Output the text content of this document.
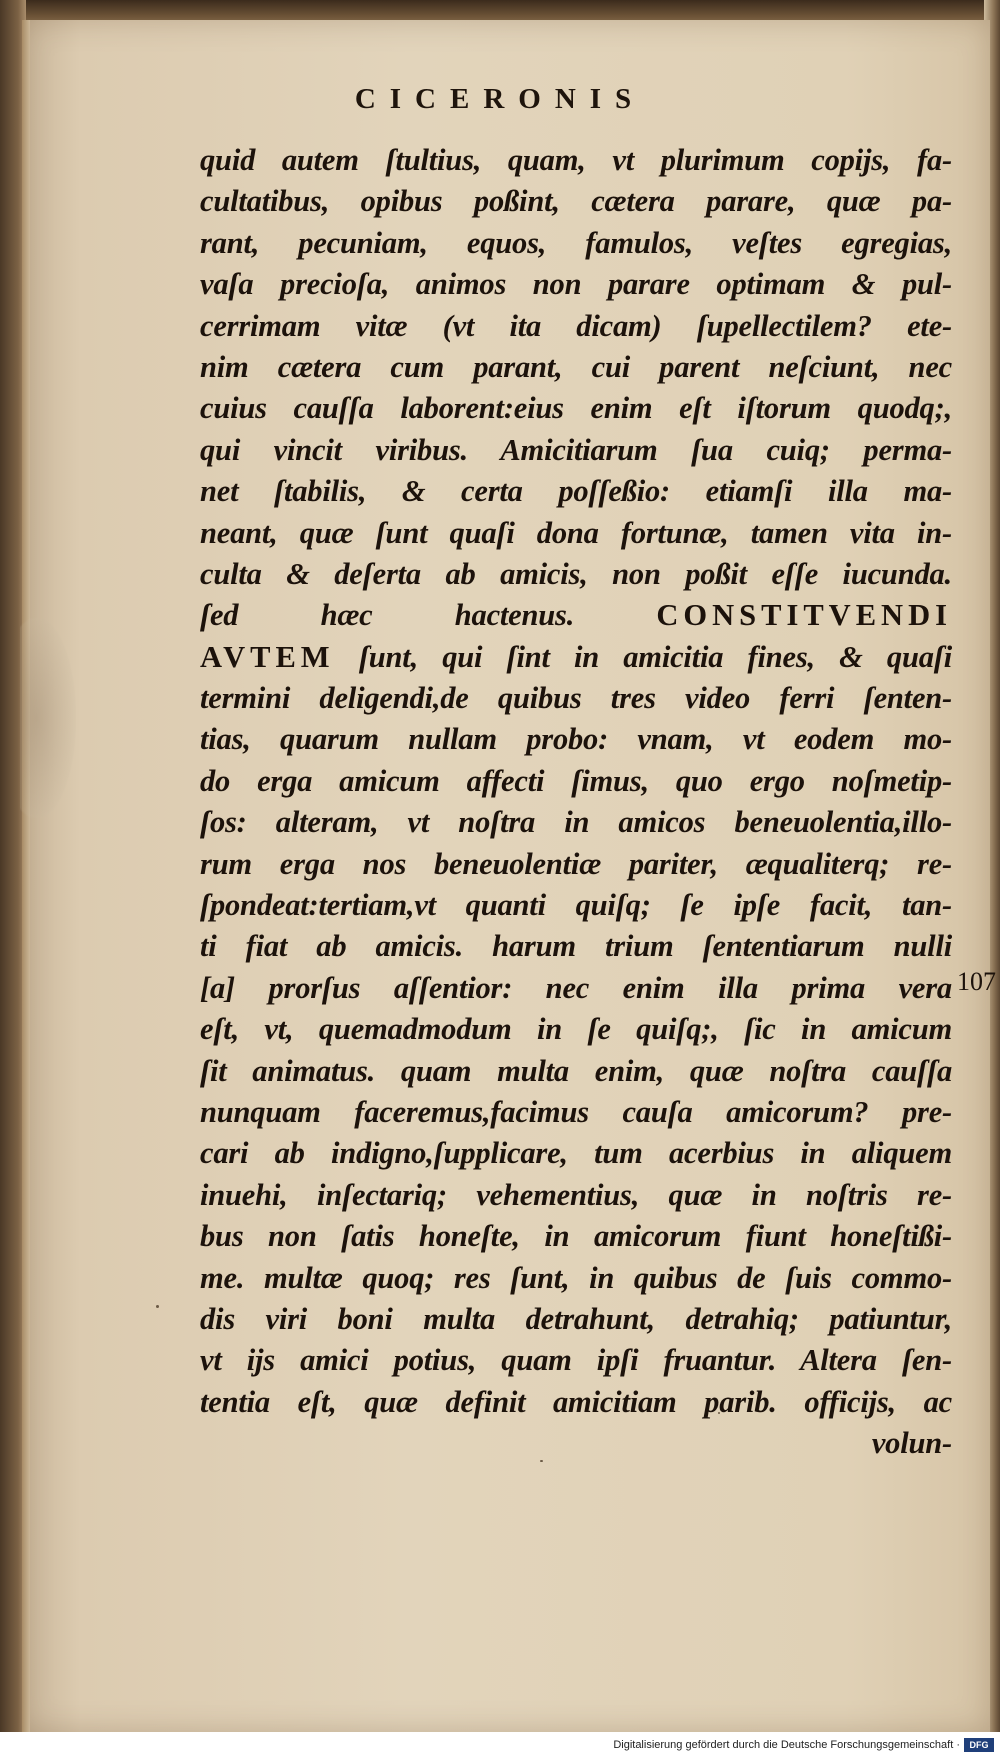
CICERONIS
quid autem ſtultius, quam, vt plurimum copijs, fa-
cultatibus, opibus poßint, cætera parare, quæ pa-
rant, pecuniam, equos, famulos, veſtes egregias,
vaſa precioſa, animos non parare optimam & pul-
cerrimam vitæ (vt ita dicam) ſupellectilem? ete-
nim cætera cum parant, cui parent neſciunt, nec
cuius cauſſa laborent:eius enim eſt iſtorum quodq;,
qui vincit viribus. Amicitiarum ſua cuiq; perma-
net ſtabilis, & certa poſſeßio: etiamſi illa ma-
neant, quæ ſunt quaſi dona fortunæ, tamen vita in-
culta & deſerta ab amicis, non poßit eſſe iucunda.
ſed hæc hactenus.	CONSTITVENDI
AVTEM ſunt, qui ſint in amicitia fines, & quaſi
termini deligendi,de quibus tres video ferri ſenten-
tias, quarum nullam probo: vnam, vt eodem mo-
do erga amicum affecti ſimus, quo ergo noſmetip-
ſos: alteram, vt noſtra in amicos beneuolentia,illo-
rum erga nos beneuolentiæ pariter, æqualiterq; re-
ſpondeat:tertiam,vt quanti quiſq; ſe ipſe facit, tan-
ti fiat ab amicis. harum trium ſententiarum nulli
[a] prorſus aſſentior: nec enim illa prima vera
eſt, vt, quemadmodum in ſe quiſq;, ſic in amicum
ſit animatus. quam multa enim, quæ noſtra cauſſa
nunquam faceremus,facimus cauſa amicorum? pre-
cari ab indigno,ſupplicare, tum acerbius in aliquem
inuehi, inſectariq; vehementius, quæ in noſtris re-
bus non ſatis honeſte, in amicorum fiunt honeſtißi-
me. multæ quoq; res ſunt, in quibus de ſuis commo-
dis viri boni multa detrahunt, detrahiq; patiuntur,
vt ijs amici potius, quam ipſi fruantur. Altera ſen-
tentia eſt, quæ definit amicitiam parib. officijs, ac
volun-
107
Digitalisierung gefördert durch die Deutsche Forschungsgemeinschaft ·	DFG
